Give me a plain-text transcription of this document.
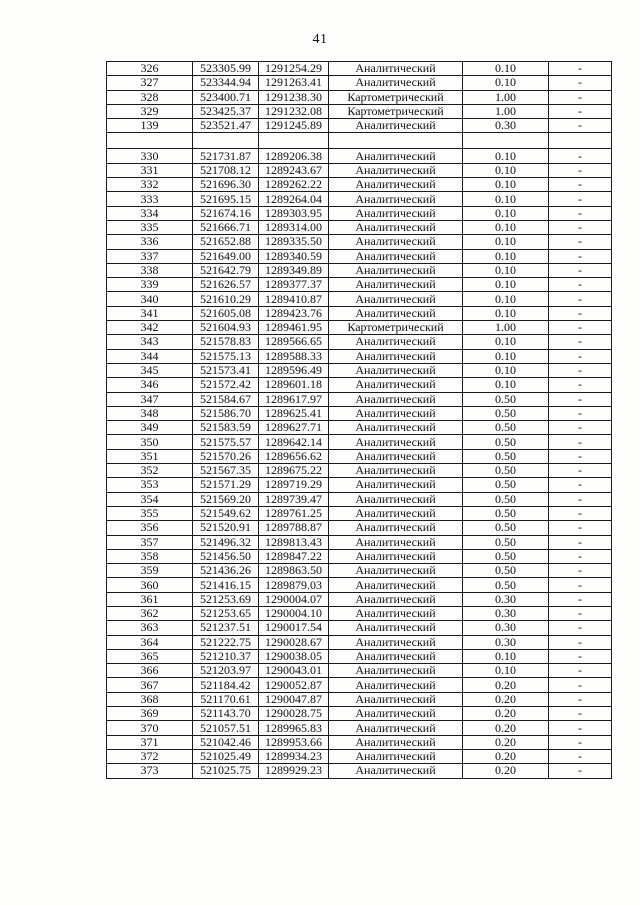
41
326	523305.99	1291254.29	Аналитический	0.10	-
327	523344.94	1291263.41	Аналитический	0.10	-
328	523400.71	1291238.30	Картометрический	1.00	-
329	523425.37	1291232.08	Картометрический	1.00	-
139	523521.47	1291245.89	Аналитический	0.30	-

330	521731.87	1289206.38	Аналитический	0.10	-
331	521708.12	1289243.67	Аналитический	0.10	-
332	521696.30	1289262.22	Аналитический	0.10	-
333	521695.15	1289264.04	Аналитический	0.10	-
334	521674.16	1289303.95	Аналитический	0.10	-
335	521666.71	1289314.00	Аналитический	0.10	-
336	521652.88	1289335.50	Аналитический	0.10	-
337	521649.00	1289340.59	Аналитический	0.10	-
338	521642.79	1289349.89	Аналитический	0.10	-
339	521626.57	1289377.37	Аналитический	0.10	-
340	521610.29	1289410.87	Аналитический	0.10	-
341	521605.08	1289423.76	Аналитический	0.10	-
342	521604.93	1289461.95	Картометрический	1.00	-
343	521578.83	1289566.65	Аналитический	0.10	-
344	521575.13	1289588.33	Аналитический	0.10	-
345	521573.41	1289596.49	Аналитический	0.10	-
346	521572.42	1289601.18	Аналитический	0.10	-
347	521584.67	1289617.97	Аналитический	0.50	-
348	521586.70	1289625.41	Аналитический	0.50	-
349	521583.59	1289627.71	Аналитический	0.50	-
350	521575.57	1289642.14	Аналитический	0.50	-
351	521570.26	1289656.62	Аналитический	0.50	-
352	521567.35	1289675.22	Аналитический	0.50	-
353	521571.29	1289719.29	Аналитический	0.50	-
354	521569.20	1289739.47	Аналитический	0.50	-
355	521549.62	1289761.25	Аналитический	0.50	-
356	521520.91	1289788.87	Аналитический	0.50	-
357	521496.32	1289813.43	Аналитический	0.50	-
358	521456.50	1289847.22	Аналитический	0.50	-
359	521436.26	1289863.50	Аналитический	0.50	-
360	521416.15	1289879.03	Аналитический	0.50	-
361	521253.69	1290004.07	Аналитический	0.30	-
362	521253.65	1290004.10	Аналитический	0.30	-
363	521237.51	1290017.54	Аналитический	0.30	-
364	521222.75	1290028.67	Аналитический	0.30	-
365	521210.37	1290038.05	Аналитический	0.10	-
366	521203.97	1290043.01	Аналитический	0.10	-
367	521184.42	1290052.87	Аналитический	0.20	-
368	521170.61	1290047.87	Аналитический	0.20	-
369	521143.70	1290028.75	Аналитический	0.20	-
370	521057.51	1289965.83	Аналитический	0.20	-
371	521042.46	1289953.66	Аналитический	0.20	-
372	521025.49	1289934.23	Аналитический	0.20	-
373	521025.75	1289929.23	Аналитический	0.20	-
